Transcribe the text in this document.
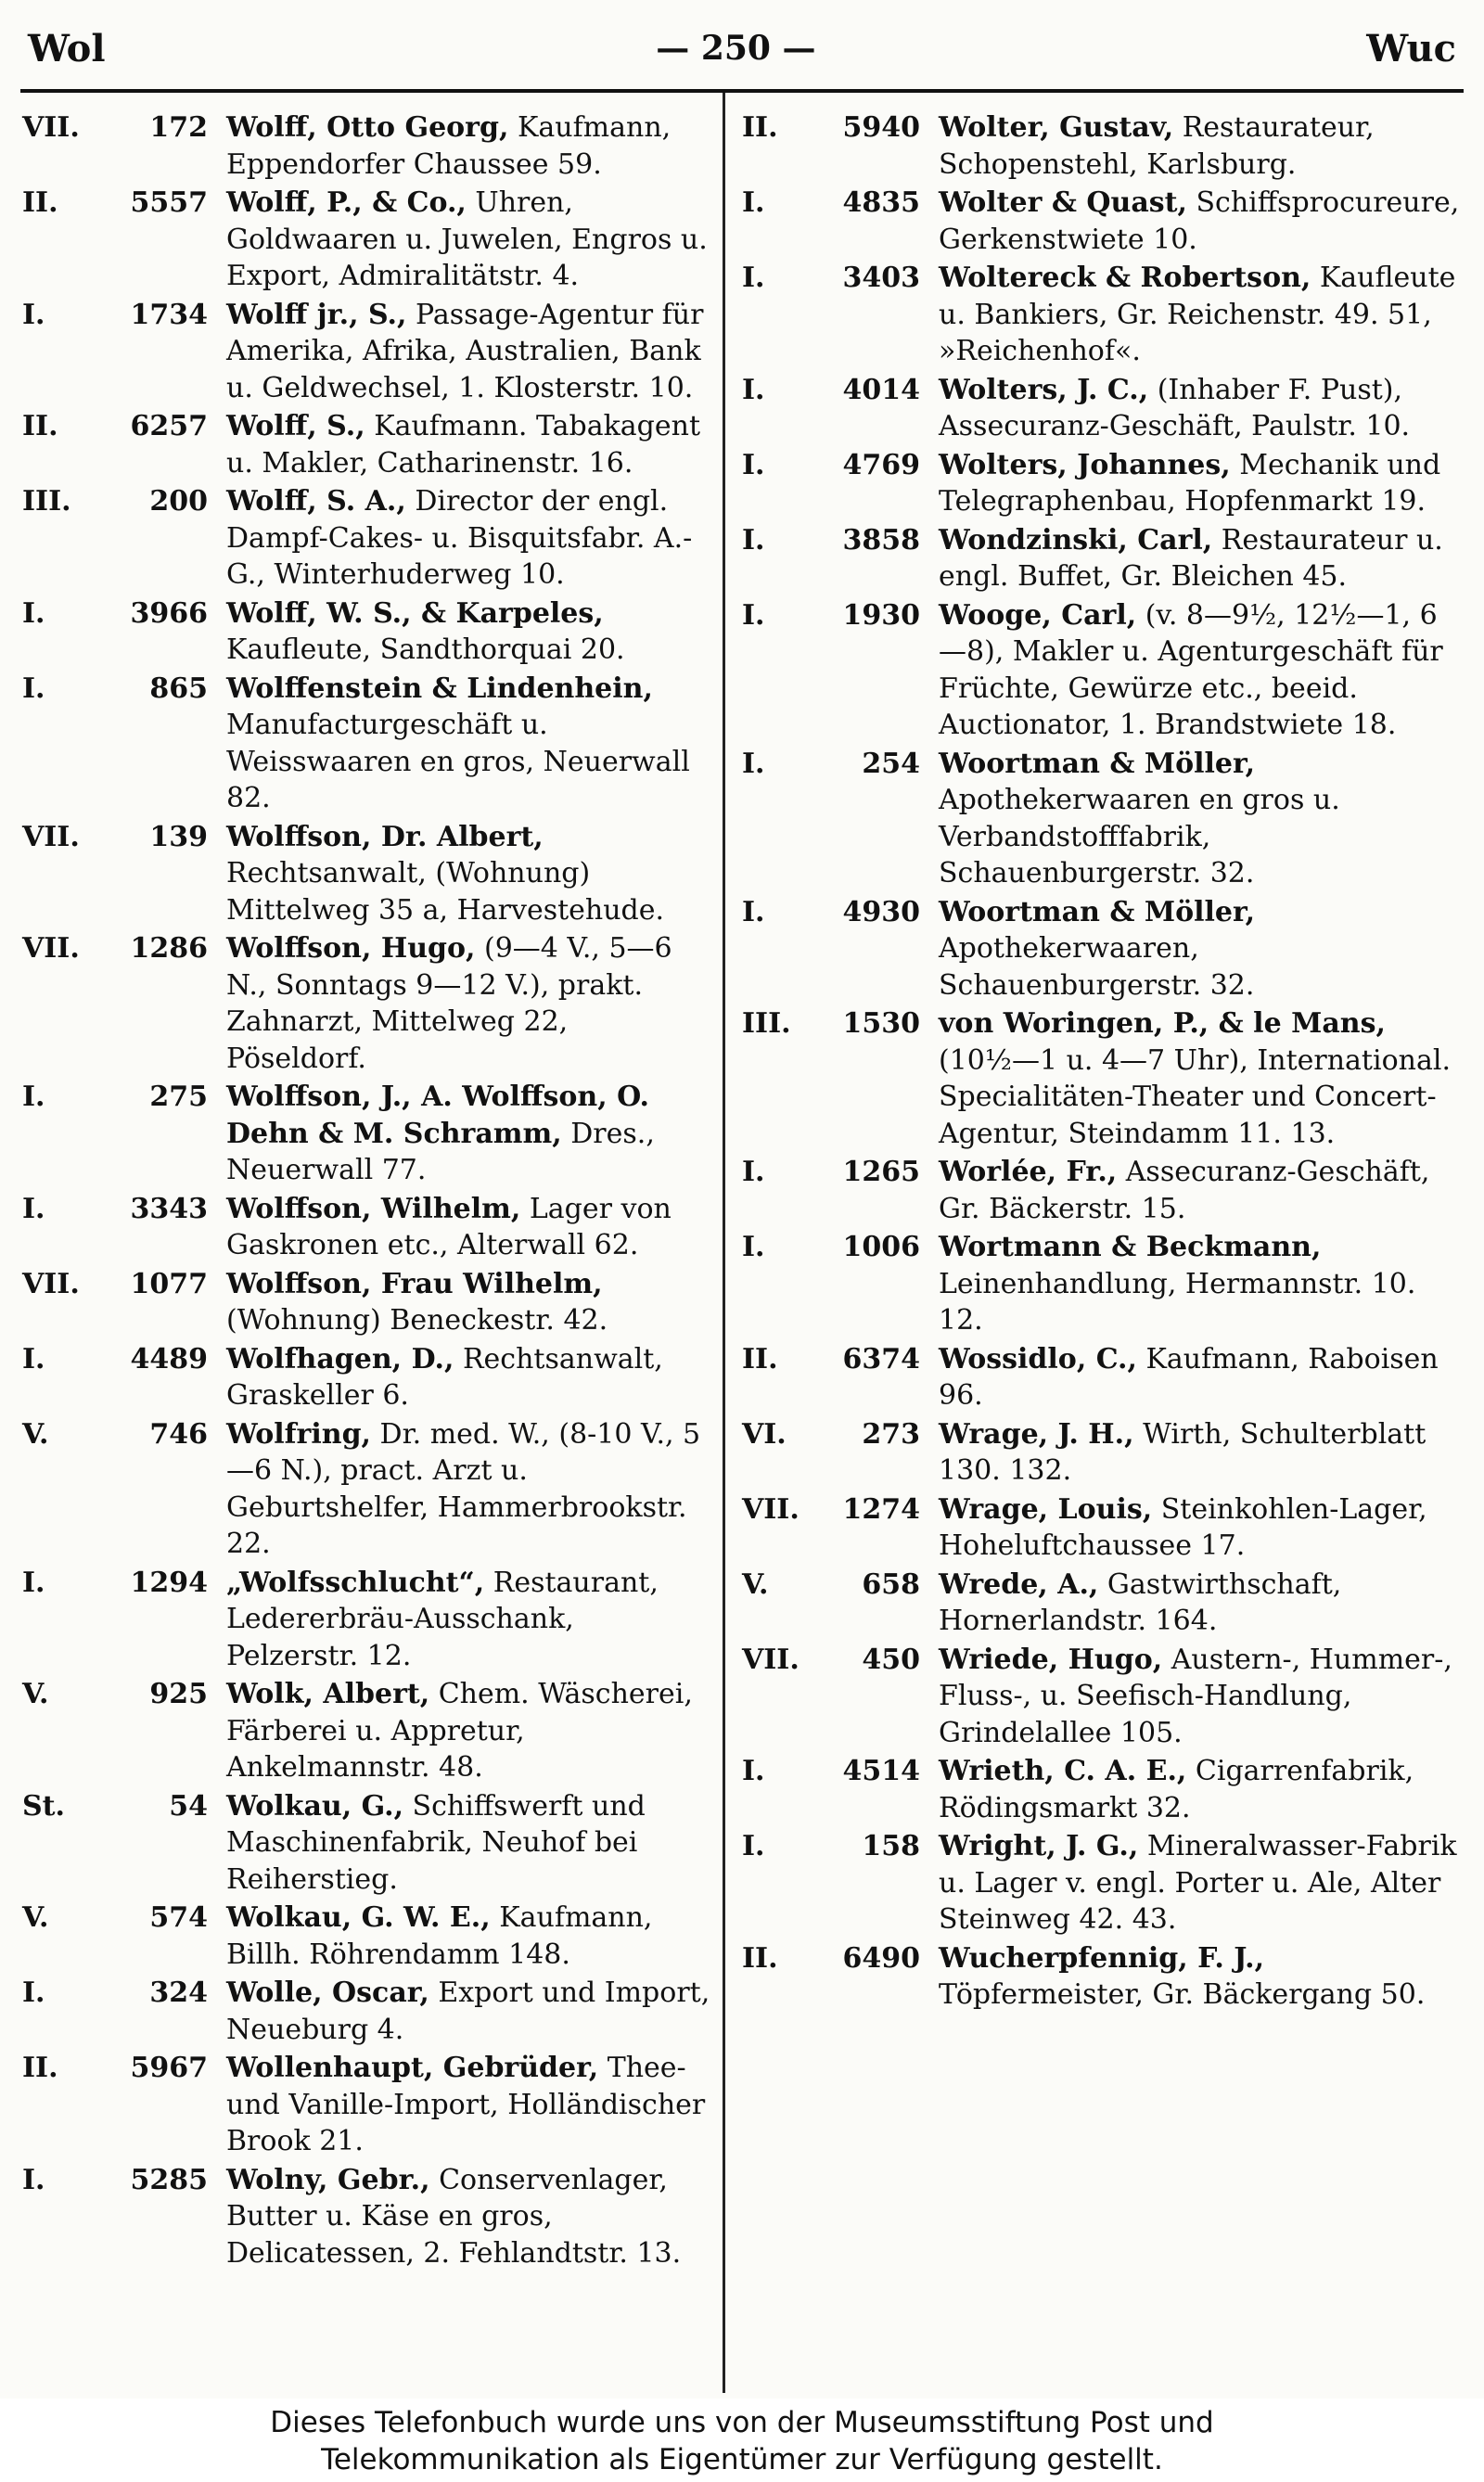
Wol	— 250 —	Wuc
VII.	172 Wolff, Otto Georg, Kaufmann, Eppendorfer Chaussee 59.
II.	5557 Wolff, P., & Co., Uhren, Goldwaaren u. Juwelen, Engros u. Export, Admiralitätstr. 4.
I.	1734 Wolff jr., S., Passage-Agentur für Amerika, Afrika, Australien, Bank u. Geldwechsel, 1. Klosterstr. 10.
II.	6257 Wolff, S., Kaufmann. Tabakagent u. Makler, Catharinenstr. 16.
III.	200 Wolff, S. A., Director der engl. Dampf-Cakes- u. Bisquitsfabr. A.-G., Winterhuderweg 10.
I.	3966 Wolff, W. S., & Karpeles, Kaufleute, Sandthorquai 20.
I.	865 Wolffenstein & Lindenhein, Manufacturgeschäft u. Weisswaaren en gros, Neuerwall 82.
VII.	139 Wolffson, Dr. Albert, Rechtsanwalt, (Wohnung) Mittelweg 35 a, Harvestehude.
VII. 1286 Wolffson, Hugo, (9—4 V., 5—6 N., Sonntags 9—12 V.), prakt. Zahnarzt, Mittelweg 22, Pöseldorf.
I.	275 Wolffson, J., A. Wolffson, O. Dehn & M. Schramm, Dres., Neuerwall 77.
I.	3343 Wolffson, Wilhelm, Lager von Gaskronen etc., Alterwall 62.
VII. 1077 Wolffson, Frau Wilhelm, (Wohnung) Beneckestr. 42.
I.	4489 Wolfhagen, D., Rechtsanwalt, Graskeller 6.
V.	746 Wolfring, Dr. med. W., (8-10 V., 5—6 N.), pract. Arzt u. Geburtshelfer, Hammerbrookstr. 22.
I.	1294 „Wolfsschlucht“, Restaurant, Ledererbräu-Ausschank, Pelzerstr. 12.
V.	925 Wolk, Albert, Chem. Wäscherei, Färberei u. Appretur, Ankelmannstr. 48.
St.	54 Wolkau, G., Schiffswerft und Maschinenfabrik, Neuhof bei Reiherstieg.
V.	574 Wolkau, G. W. E., Kaufmann, Billh. Röhrendamm 148.
I.	324 Wolle, Oscar, Export und Import, Neueburg 4.
II.	5967 Wollenhaupt, Gebrüder, Thee- und Vanille-Import, Holländischer Brook 21.
I.	5285 Wolny, Gebr., Conservenlager, Butter u. Käse en gros, Delicatessen, 2. Fehlandtstr. 13.
II. 5940 Wolter, Gustav, Restaurateur, Schopenstehl, Karlsburg.
I.	4835 Wolter & Quast, Schiffsprocureure, Gerkenstwiete 10.
I.	3403 Woltereck & Robertson, Kaufleute u. Bankiers, Gr. Reichenstr. 49. 51, »Reichenhof«.
I.	4014 Wolters, J. C., (Inhaber F. Pust), Assecuranz-Geschäft, Paulstr. 10.
I.	4769 Wolters, Johannes, Mechanik und Telegraphenbau, Hopfenmarkt 19.
I.	3858 Wondzinski, Carl, Restaurateur u. engl. Buffet, Gr. Bleichen 45.
I.	1930 Wooge, Carl, (v. 8—9½, 12½—1, 6—8), Makler u. Agenturgeschäft für Früchte, Gewürze etc., beeid. Auctionator, 1. Brandstwiete 18.
I.	254 Woortman & Möller, Apothekerwaaren en gros u. Verbandstofffabrik, Schauenburgerstr. 32.
I.	4930 Woortman & Möller, Apothekerwaaren, Schauenburgerstr. 32.
III. 1530 von Woringen, P., & le Mans, (10½—1 u. 4—7 Uhr), International. Specialitäten-Theater und Concert-Agentur, Steindamm 11. 13.
I.	1265 Worlée, Fr., Assecuranz-Geschäft, Gr. Bäckerstr. 15.
I.	1006 Wortmann & Beckmann, Leinenhandlung, Hermannstr. 10. 12.
II. 6374 Wossidlo, C., Kaufmann, Raboisen 96.
VI.	273 Wrage, J. H., Wirth, Schulterblatt 130. 132.
VII. 1274 Wrage, Louis, Steinkohlen-Lager, Hoheluftchaussee 17.
V.	658 Wrede, A., Gastwirthschaft, Hornerlandstr. 164.
VII. 450 Wriede, Hugo, Austern-, Hummer-, Fluss-, u. Seefisch-Handlung, Grindelallee 105.
I.	4514 Wrieth, C. A. E., Cigarrenfabrik, Rödingsmarkt 32.
I.	158 Wright, J. G., Mineralwasser-Fabrik u. Lager v. engl. Porter u. Ale, Alter Steinweg 42. 43.
II. 6490 Wucherpfennig, F. J., Töpfermeister, Gr. Bäckergang 50.
Dieses Telefonbuch wurde uns von der Museumsstiftung Post und
Telekommunikation als Eigentümer zur Verfügung gestellt.
